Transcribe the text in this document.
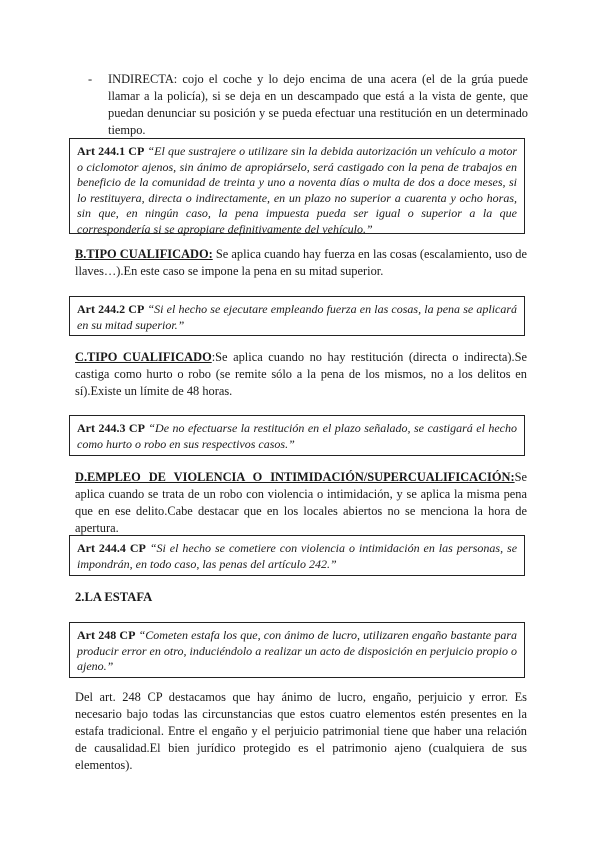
- INDIRECTA: cojo el coche y lo dejo encima de una acera (el de la grúa puede llamar a la policía), si se deja en un descampado que está a la vista de gente, que puedan denunciar su posición y se pueda efectuar una restitución en un determinado tiempo.
Art 244.1 CP “El que sustrajere o utilizare sin la debida autorización un vehículo a motor o ciclomotor ajenos, sin ánimo de apropiárselo, será castigado con la pena de trabajos en beneficio de la comunidad de treinta y uno a noventa días o multa de dos a doce meses, si lo restituyera, directa o indirectamente, en un plazo no superior a cuarenta y ocho horas, sin que, en ningún caso, la pena impuesta pueda ser igual o superior a la que correspondería si se apropiare definitivamente del vehículo.”
B.TIPO CUALIFICADO: Se aplica cuando hay fuerza en las cosas (escalamiento, uso de llaves…).En este caso se impone la pena en su mitad superior.
Art 244.2 CP “Si el hecho se ejecutare empleando fuerza en las cosas, la pena se aplicará en su mitad superior.”
C.TIPO CUALIFICADO:Se aplica cuando no hay restitución (directa o indirecta).Se castiga como hurto o robo (se remite sólo a la pena de los mismos, no a los delitos en sí).Existe un límite de 48 horas.
Art 244.3 CP “De no efectuarse la restitución en el plazo señalado, se castigará el hecho como hurto o robo en sus respectivos casos.”
D.EMPLEO DE VIOLENCIA O INTIMIDACIÓN/SUPERCUALIFICACIÓN:Se aplica cuando se trata de un robo con violencia o intimidación, y se aplica la misma pena que en ese delito.Cabe destacar que en los locales abiertos no se menciona la hora de apertura.
Art 244.4 CP “Si el hecho se cometiere con violencia o intimidación en las personas, se impondrán, en todo caso, las penas del artículo 242.”
2.LA ESTAFA
Art 248 CP “Cometen estafa los que, con ánimo de lucro, utilizaren engaño bastante para producir error en otro, induciéndolo a realizar un acto de disposición en perjuicio propio o ajeno.”
Del art. 248 CP destacamos que hay ánimo de lucro, engaño, perjuicio y error. Es necesario bajo todas las circunstancias que estos cuatro elementos estén presentes en la estafa tradicional. Entre el engaño y el perjuicio patrimonial tiene que haber una relación de causalidad.El bien jurídico protegido es el patrimonio ajeno (cualquiera de sus elementos).
